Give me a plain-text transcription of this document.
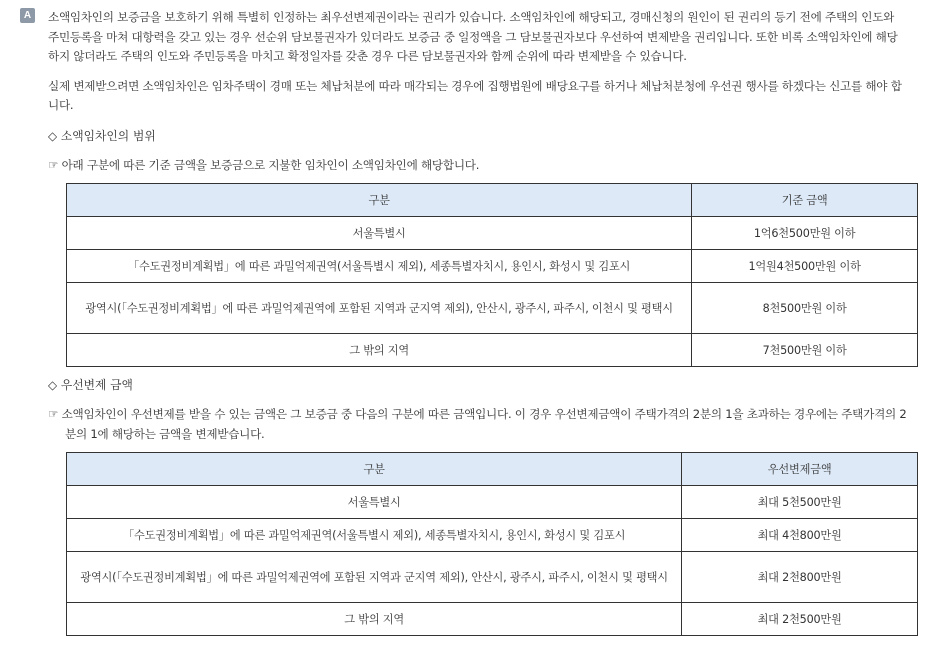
A	소액임차인의 보증금을 보호하기 위해 특별히 인정하는 최우선변제권이라는 권리가 있습니다. 소액임차인에 해당되고, 경매신청의 원인이 된 권리의 등기 전에 주택의 인도와 주민등록을 마쳐 대항력을 갖고 있는 경우 선순위 담보물권자가 있더라도 보증금 중 일정액을 그 담보물권자보다 우선하여 변제받을 권리입니다. 또한 비록 소액임차인에 해당하지 않더라도 주택의 인도와 주민등록을 마치고 확정일자를 갖춘 경우 다른 담보물권자와 함께 순위에 따라 변제받을 수 있습니다.

실제 변제받으려면 소액임차인은 임차주택이 경매 또는 체납처분에 따라 매각되는 경우에 집행법원에 배당요구를 하거나 체납처분청에 우선권 행사를 하겠다는 신고를 해야 합니다.

◇ 소액임차인의 범위
☞ 아래 구분에 따른 기준 금액을 보증금으로 지불한 임차인이 소액임차인에 해당합니다.
구분	기준 금액
서울특별시	1억6천500만원 이하
「수도권정비계획법」에 따른 과밀억제권역(서울특별시 제외), 세종특별자치시, 용인시, 화성시 및 김포시	1억원4천500만원 이하
광역시(「수도권정비계획법」에 따른 과밀억제권역에 포함된 지역과 군지역 제외), 안산시, 광주시, 파주시, 이천시 및 평택시	8천500만원 이하
그 밖의 지역	7천500만원 이하
◇ 우선변제 금액
☞ 소액임차인이 우선변제를 받을 수 있는 금액은 그 보증금 중 다음의 구분에 따른 금액입니다. 이 경우 우선변제금액이 주택가격의 2분의 1을 초과하는 경우에는 주택가격의 2분의 1에 해당하는 금액을 변제받습니다.
구분	우선변제금액
서울특별시	최대 5천500만원
「수도권정비계획법」에 따른 과밀억제권역(서울특별시 제외), 세종특별자치시, 용인시, 화성시 및 김포시	최대 4천800만원
광역시(「수도권정비계획법」에 따른 과밀억제권역에 포함된 지역과 군지역 제외), 안산시, 광주시, 파주시, 이천시 및 평택시	최대 2천800만원
그 밖의 지역	최대 2천500만원
